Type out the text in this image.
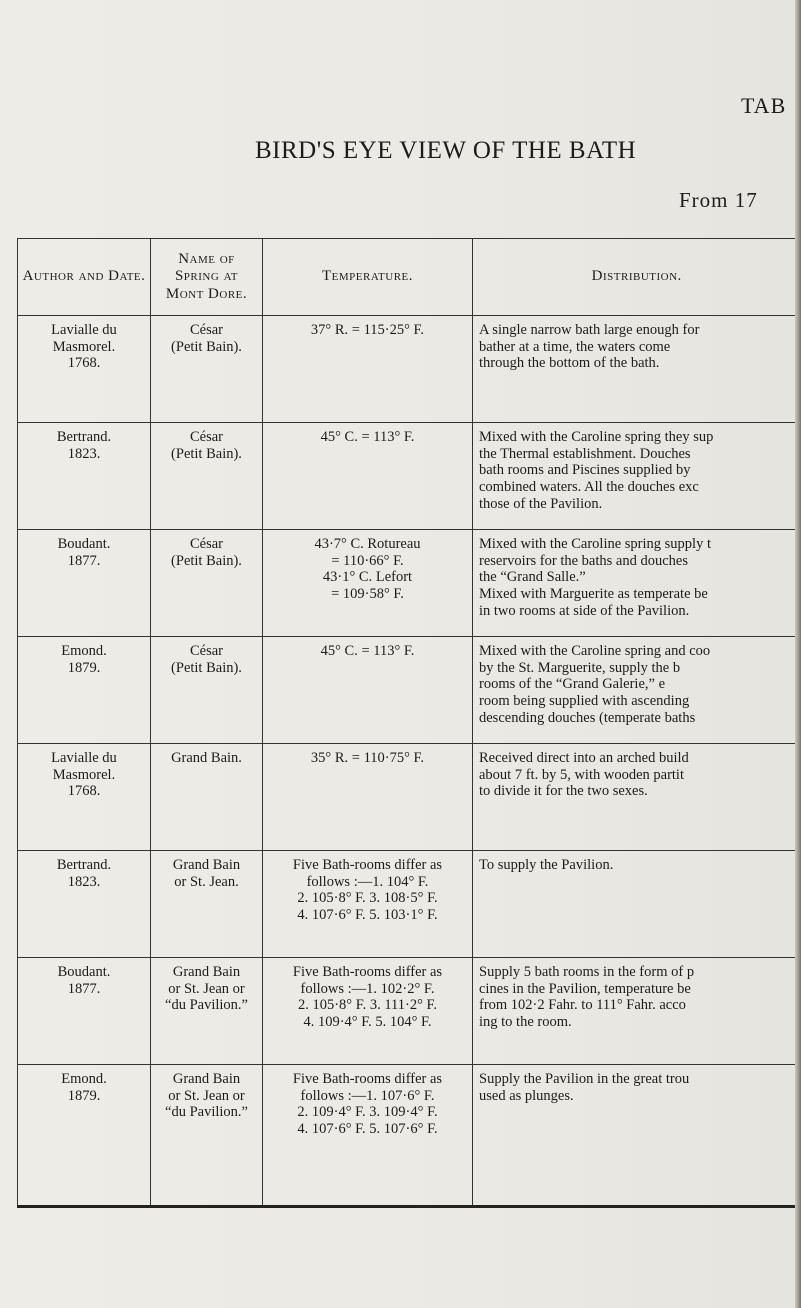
TAB
BIRD'S EYE VIEW OF THE BATH
From 17
Author and Date.	Name of Spring at Mont Dore.	Temperature.	Distribution.

Lavialle du
Masmorel.
1768.	César
(Petit Bain).	37° R. = 115·25° F.	A single narrow bath large enough for
bather at a time, the waters come
through the bottom of the bath.

Bertrand.
1823.	César
(Petit Bain).	45° C. = 113° F.	Mixed with the Caroline spring they sup
the Thermal establishment. Douches
bath rooms and Piscines supplied by
combined waters. All the douches exc
those of the Pavilion.

Boudant.
1877.	César
(Petit Bain).	43·7° C. Rotureau
= 110·66° F.
43·1° C. Lefort
= 109·58° F.	Mixed with the Caroline spring supply t
reservoirs for the baths and douches
the “Grand Salle.”
Mixed with Marguerite as temperate be
in two rooms at side of the Pavilion.

Emond.
1879.	César
(Petit Bain).	45° C. = 113° F.	Mixed with the Caroline spring and coo
by the St. Marguerite, supply the b
rooms of the “Grand Galerie,” e
room being supplied with ascending
descending douches (temperate baths

Lavialle du
Masmorel.
1768.	Grand Bain.	35° R. = 110·75° F.	Received direct into an arched build
about 7 ft. by 5, with wooden partit
to divide it for the two sexes.

Bertrand.
1823.	Grand Bain
or St. Jean.	Five Bath-rooms differ as
follows :—1. 104° F.
2. 105·8° F. 3. 108·5° F.
4. 107·6° F. 5. 103·1° F.	To supply the Pavilion.

Boudant.
1877.	Grand Bain
or St. Jean or
“du Pavilion.”	Five Bath-rooms differ as
follows :—1. 102·2° F.
2. 105·8° F. 3. 111·2° F.
4. 109·4° F. 5. 104° F.	Supply 5 bath rooms in the form of p
cines in the Pavilion, temperature be
from 102·2 Fahr. to 111° Fahr. acco
ing to the room.

Emond.
1879.	Grand Bain
or St. Jean or
“du Pavilion.”	Five Bath-rooms differ as
follows :—1. 107·6° F.
2. 109·4° F. 3. 109·4° F.
4. 107·6° F. 5. 107·6° F.	Supply the Pavilion in the great trou
used as plunges.
